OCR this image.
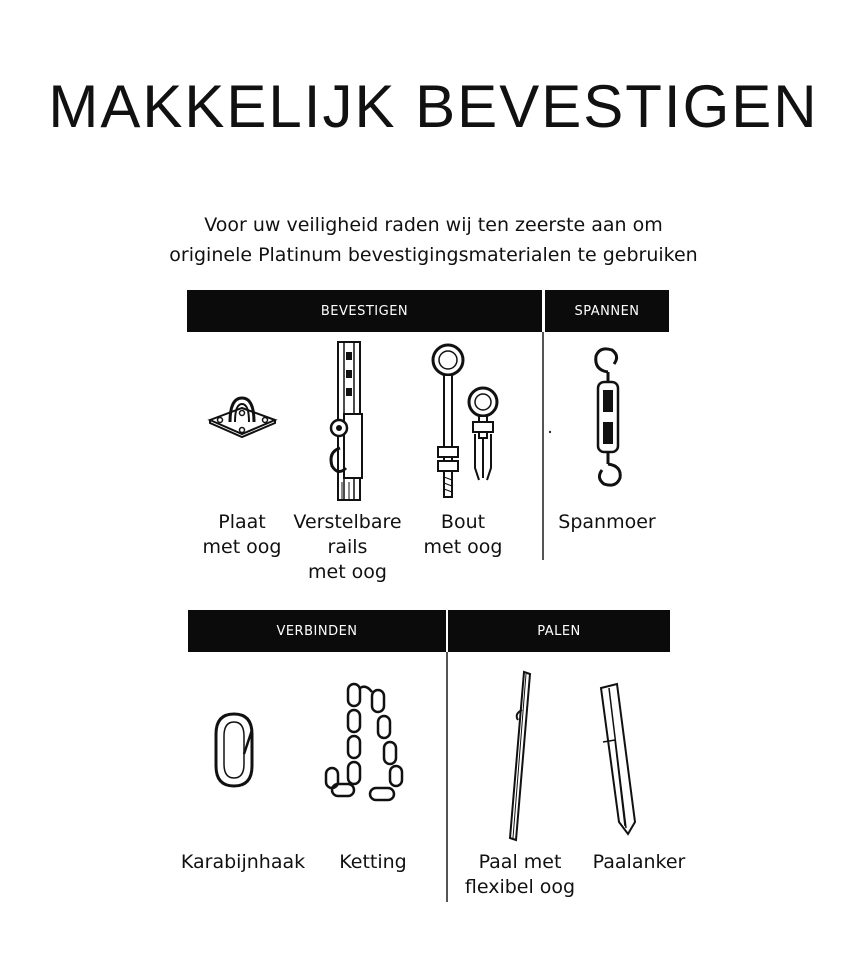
MAKKELIJK BEVESTIGEN
Voor uw veiligheid raden wij ten zeerste aan om
originele Platinum bevestigingsmaterialen te gebruiken
BEVESTIGEN	SPANNEN
Plaat
met oog
Verstelbare
rails
met oog
Bout
met oog
Spanmoer
VERBINDEN	PALEN
Karabijnhaak	Ketting	Paal met
flexibel oog
Paalanker
